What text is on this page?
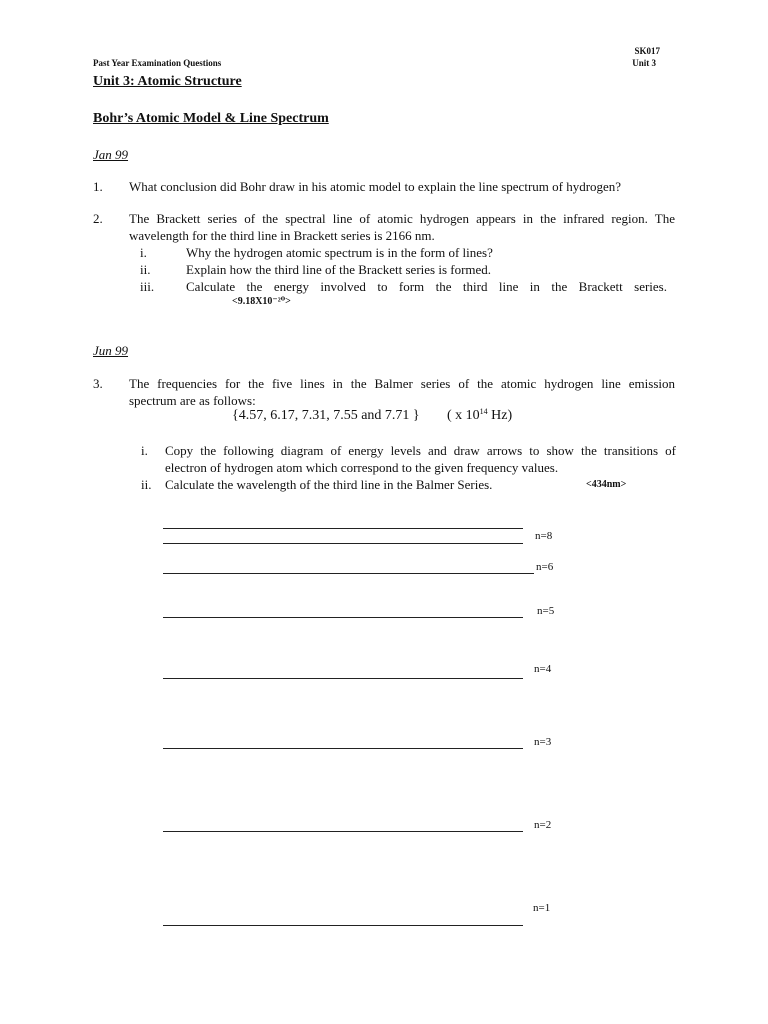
Past Year Examination Questions
SK017
Unit 3
Unit 3: Atomic Structure
Bohr’s Atomic Model & Line Spectrum
Jan 99
1. What conclusion did Bohr draw in his atomic model to explain the line spectrum of hydrogen?
2. The Brackett series of the spectral line of atomic hydrogen appears in the infrared region. The
wavelength for the third line in Brackett series is 2166 nm.
i.	Why the hydrogen atomic spectrum is in the form of lines?
ii.	Explain how the third line of the Brackett series is formed.
iii. Calculate the energy involved to form the third line in the Brackett series.
<9.18X10⁻²⁰>
Jun 99
3. The frequencies for the five lines in the Balmer series of the atomic hydrogen line emission
spectrum are as follows:
{4.57, 6.17, 7.31, 7.55 and 7.71 } ( x $10^{14}$ Hz)
i. Copy the following diagram of energy levels and draw arrows to show the transitions of
electron of hydrogen atom which correspond to the given frequency values.
ii. Calculate the wavelength of the third line in the Balmer Series.	<434nm>
n=8
n=6
n=5
n=4
n=3
n=2
n=1
